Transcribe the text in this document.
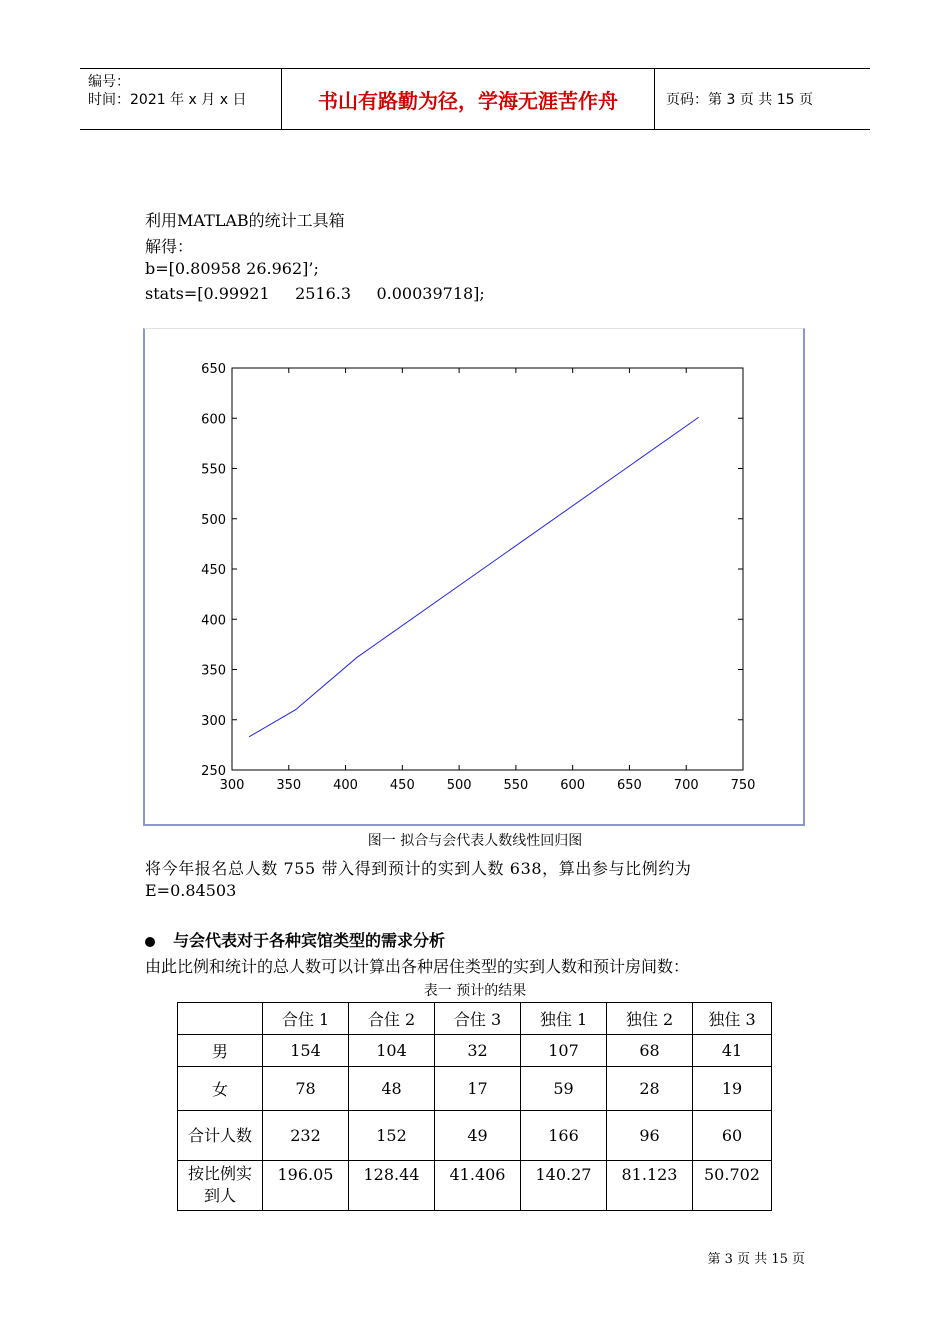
编号：
时间：2021 年 x 月 x 日	书山有路勤为径，学海无涯苦作舟	页码：第 3 页 共 15 页
利用MATLAB的统计工具箱
解得：
b=[0.80958 26.962]’;
stats=[0.99921     2516.3     0.00039718];
300 350 400 450 500 550 600 650 700 750
250
300
350
400
450
500
550
600
650
图一 拟合与会代表人数线性回归图
将今年报名总人数 755 带入得到预计的实到人数 638，算出参与比例约为
E=0.84503
与会代表对于各种宾馆类型的需求分析
由此比例和统计的总人数可以计算出各种居住类型的实到人数和预计房间数：
表一 预计的结果
	合住 1	合住 2	合住 3	独住 1	独住 2	独住 3
男	154	104	32	107	68	41
女	78	48	17	59	28	19
合计人数	232	152	49	166	96	60
按比例实到人	196.05	128.44	41.406	140.27	81.123	50.702
第 3 页 共 15 页
